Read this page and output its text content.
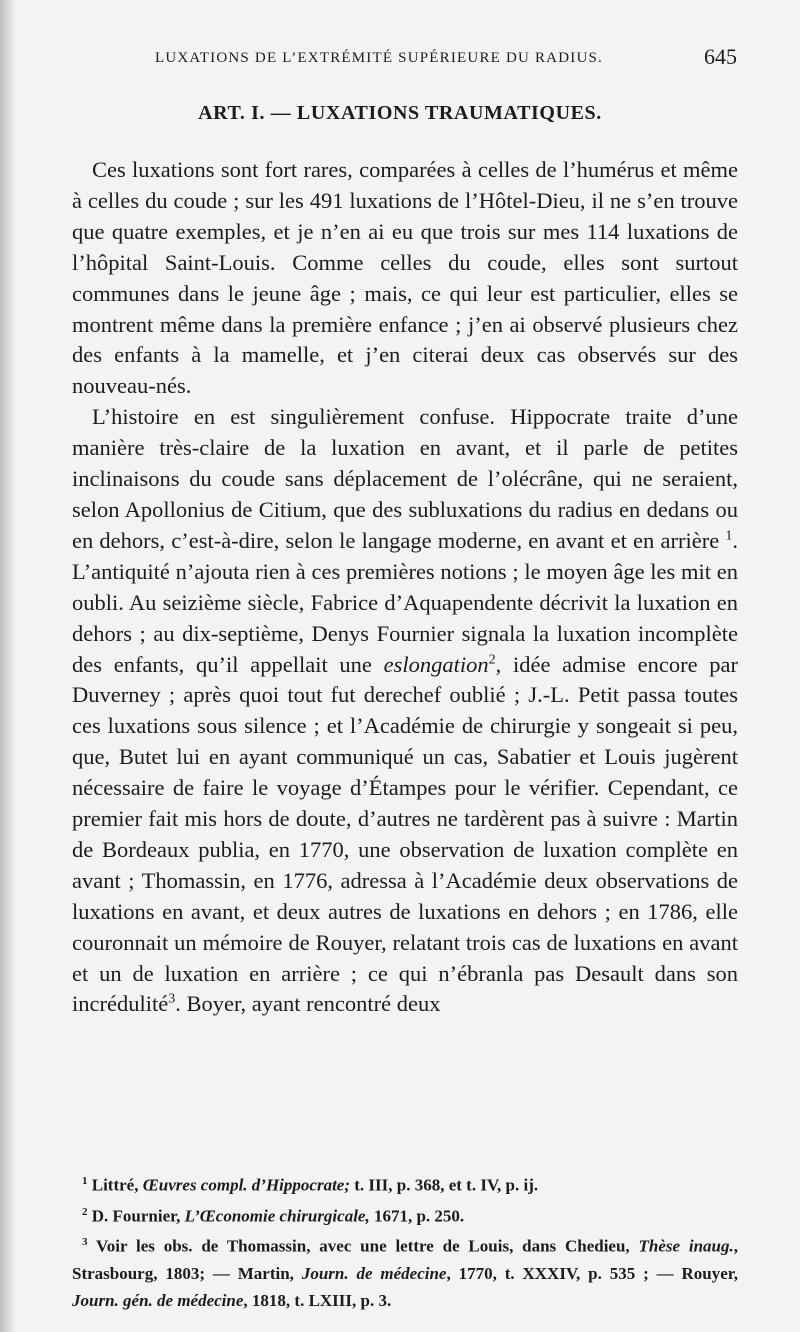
LUXATIONS DE L’EXTRÉMITÉ SUPÉRIEURE DU RADIUS.	645
ART. I. — LUXATIONS TRAUMATIQUES.

Ces luxations sont fort rares, comparées à celles de l’humérus et même à celles du coude ; sur les 491 luxations de l’Hôtel-Dieu, il ne s’en trouve que quatre exemples, et je n’en ai eu que trois sur mes 114 luxations de l’hôpital Saint-Louis. Comme celles du coude, elles sont surtout communes dans le jeune âge ; mais, ce qui leur est particulier, elles se montrent même dans la première enfance ; j’en ai observé plusieurs chez des enfants à la mamelle, et j’en citerai deux cas observés sur des nouveau-nés.

L’histoire en est singulièrement confuse. Hippocrate traite d’une manière très-claire de la luxation en avant, et il parle de petites inclinaisons du coude sans déplacement de l’olécrâne, qui ne seraient, selon Apollonius de Citium, que des subluxations du radius en dedans ou en dehors, c’est-à-dire, selon le langage moderne, en avant et en arrière $^1$. L’antiquité n’ajouta rien à ces premières notions ; le moyen âge les mit en oubli. Au seizième siècle, Fabrice d’Aquapendente décrivit la luxation en dehors ; au dix-septième, Denys Fournier signala la luxation incomplète des enfants, qu’il appellait une eslongation$^2$, idée admise encore par Duverney ; après quoi tout fut derechef oublié ; J.-L. Petit passa toutes ces luxations sous silence ; et l’Académie de chirurgie y songeait si peu, que, Butet lui en ayant communiqué un cas, Sabatier et Louis jugèrent nécessaire de faire le voyage d’Étampes pour le vérifier. Cependant, ce premier fait mis hors de doute, d’autres ne tardèrent pas à suivre : Martin de Bordeaux publia, en 1770, une observation de luxation complète en avant ; Thomassin, en 1776, adressa à l’Académie deux observations de luxations en avant, et deux autres de luxations en dehors ; en 1786, elle couronnait un mémoire de Rouyer, relatant trois cas de luxations en avant et un de luxation en arrière ; ce qui n’ébranla pas Desault dans son incrédulité$^3$. Boyer, ayant rencontré deux

$^1$ Littré, Œuvres compl. d’Hippocrate; t. III, p. 368, et t. IV, p. ij.

$^2$ D. Fournier, L’Œconomie chirurgicale, 1671, p. 250.

$^3$ Voir les obs. de Thomassin, avec une lettre de Louis, dans Chedieu, Thèse inaug., Strasbourg, 1803; — Martin, Journ. de médecine, 1770, t. XXXIV, p. 535 ; — Rouyer, Journ. gén. de médecine, 1818, t. LXIII, p. 3.
